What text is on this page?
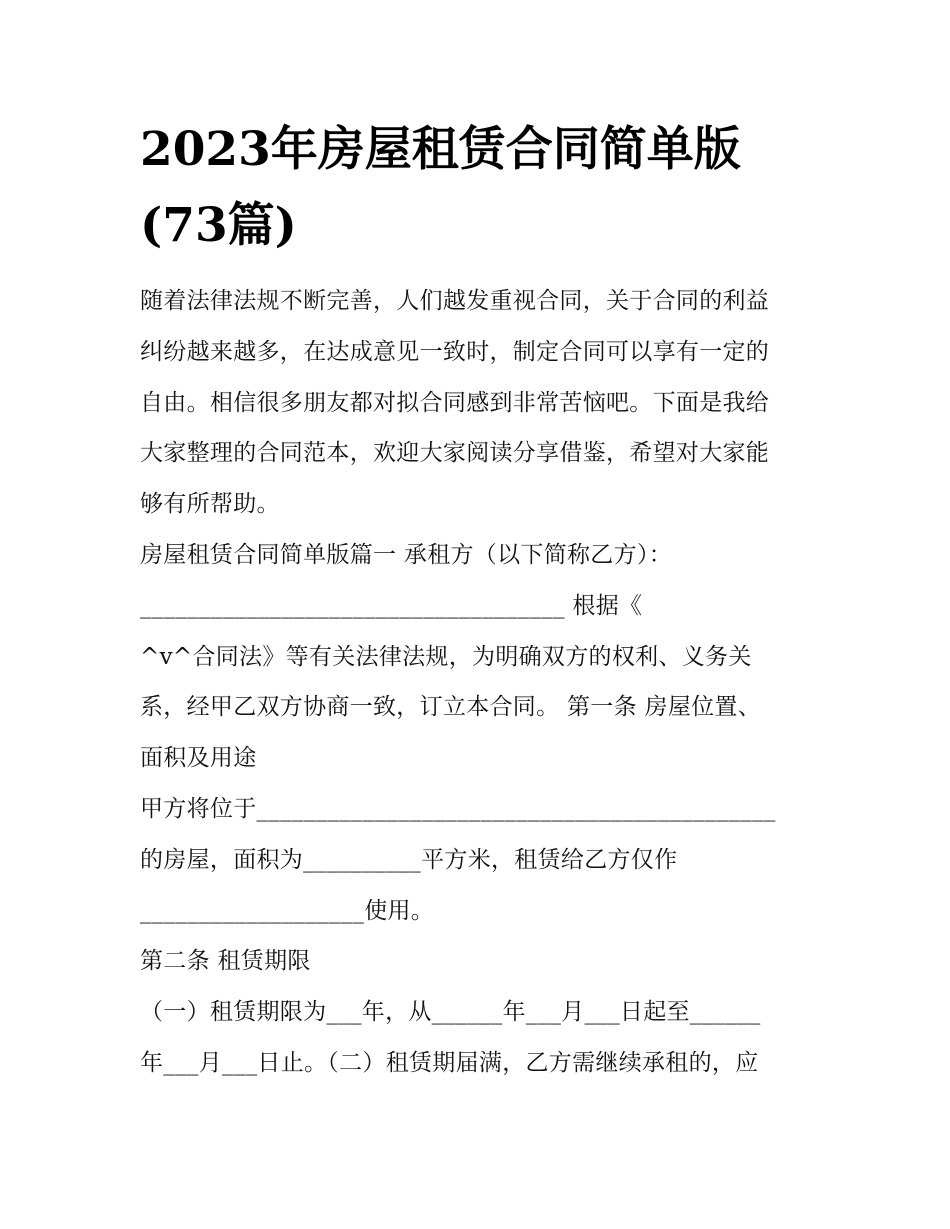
2023年房屋租赁合同简单版
(73篇)
随着法律法规不断完善，人们越发重视合同，关于合同的利益
纠纷越来越多，在达成意见一致时，制定合同可以享有一定的
自由。相信很多朋友都对拟合同感到非常苦恼吧。下面是我给
大家整理的合同范本，欢迎大家阅读分享借鉴，希望对大家能
够有所帮助。
房屋租赁合同简单版篇一 承租方（以下简称乙方）：
____________________________________ 根据《
^v^合同法》等有关法律法规，为明确双方的权利、义务关
系，经甲乙双方协商一致，订立本合同。 第一条 房屋位置、
面积及用途
甲方将位于____________________________________________
的房屋，面积为__________平方米，租赁给乙方仅作
___________________使用。
第二条 租赁期限
（一）租赁期限为___年，从______年___月___日起至______
年___月___日止。（二）租赁期届满，乙方需继续承租的，应
